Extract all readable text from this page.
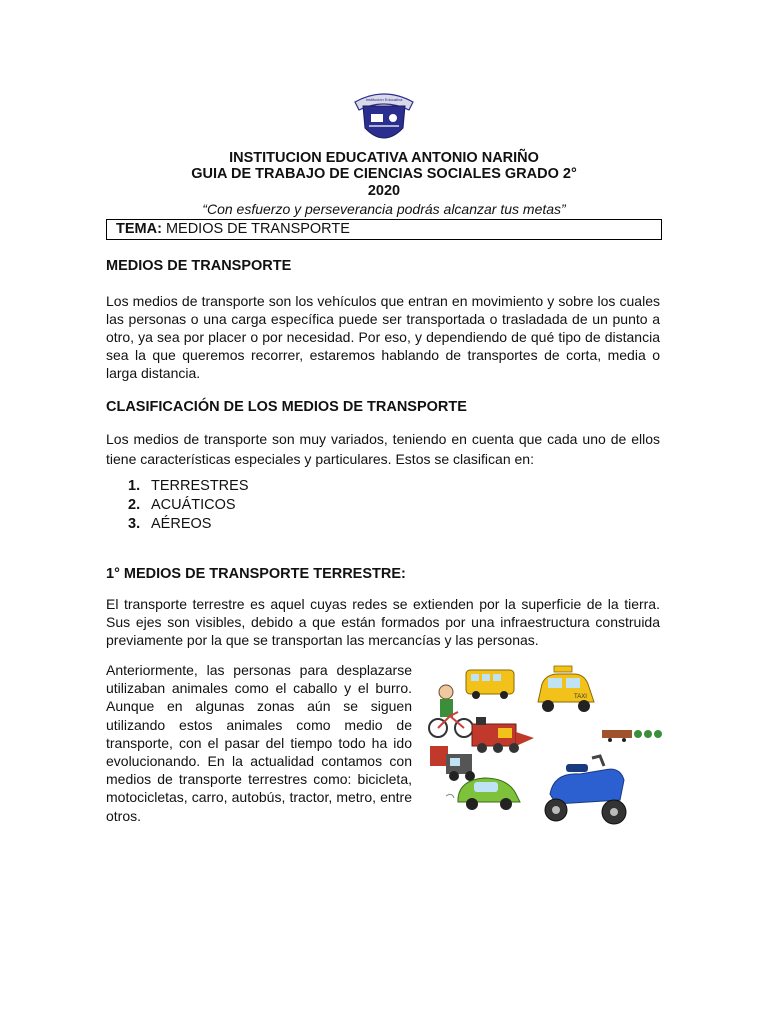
Institución Educativa
INSTITUCION EDUCATIVA ANTONIO NARIÑO
GUIA DE TRABAJO DE CIENCIAS SOCIALES GRADO 2°
2020
“Con esfuerzo y perseverancia podrás alcanzar tus metas”
TEMA: MEDIOS DE TRANSPORTE
MEDIOS DE TRANSPORTE
Los medios de transporte son los vehículos que entran en movimiento y sobre los cuales las personas o una carga específica puede ser transportada o trasladada de un punto a otro, ya sea por placer o por necesidad. Por eso, y dependiendo de qué tipo de distancia sea la que queremos recorrer, estaremos hablando de transportes de corta, media o larga distancia.
CLASIFICACIÓN DE LOS MEDIOS DE TRANSPORTE
Los medios de transporte son muy variados, teniendo en cuenta que cada uno de ellos tiene características especiales y particulares. Estos se clasifican en:
1. TERRESTRES
2. ACUÁTICOS
3. AÉREOS
1° MEDIOS DE TRANSPORTE TERRESTRE:
El transporte terrestre es aquel cuyas redes se extienden por la superficie de la tierra. Sus ejes son visibles, debido a que están formados por una infraestructura construida previamente por la que se transportan las mercancías y las personas.
Anteriormente, las personas para desplazarse utilizaban animales como el caballo y el burro. Aunque en algunas zonas aún se siguen utilizando estos animales como medio de transporte, con el pasar del tiempo todo ha ido evolucionando. En la actualidad contamos con medios de transporte terrestres como: bicicleta, motocicletas, carro, autobús, tractor, metro, entre otros.
TAXI
